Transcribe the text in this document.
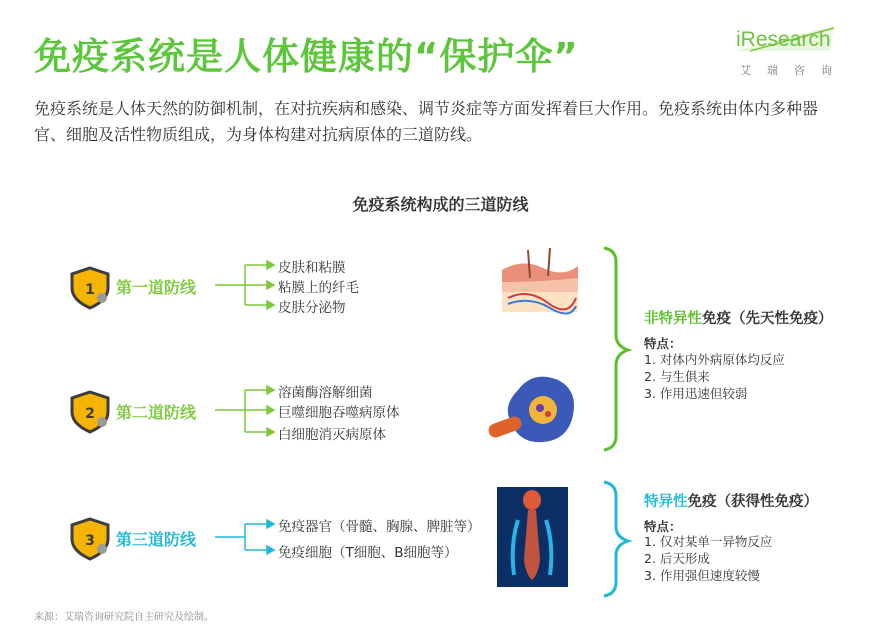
免疫系统是人体健康的“保护伞”	iResearch
艾瑞咨询
免疫系统是人体天然的防御机制，在对抗疾病和感染、调节炎症等方面发挥着巨大作用。免疫系统由体内多种器官、细胞及活性物质组成，为身体构建对抗病原体的三道防线。
免疫系统构成的三道防线
1
2
3
第一道防线
第二道防线
第三道防线
皮肤和粘膜
粘膜上的纤毛
皮肤分泌物
溶菌酶溶解细菌
巨噬细胞吞噬病原体
白细胞消灭病原体
免疫器官（骨髓、胸腺、脾脏等）
免疫细胞（T细胞、B细胞等）
非特异性免疫（先天性免疫）
特点：
1. 对体内外病原体均反应
2. 与生俱来
3. 作用迅速但较弱
特异性免疫（获得性免疫）
特点：
1. 仅对某单一异物反应
2. 后天形成
3. 作用强但速度较慢
来源：艾瑞咨询研究院自主研究及绘制。
